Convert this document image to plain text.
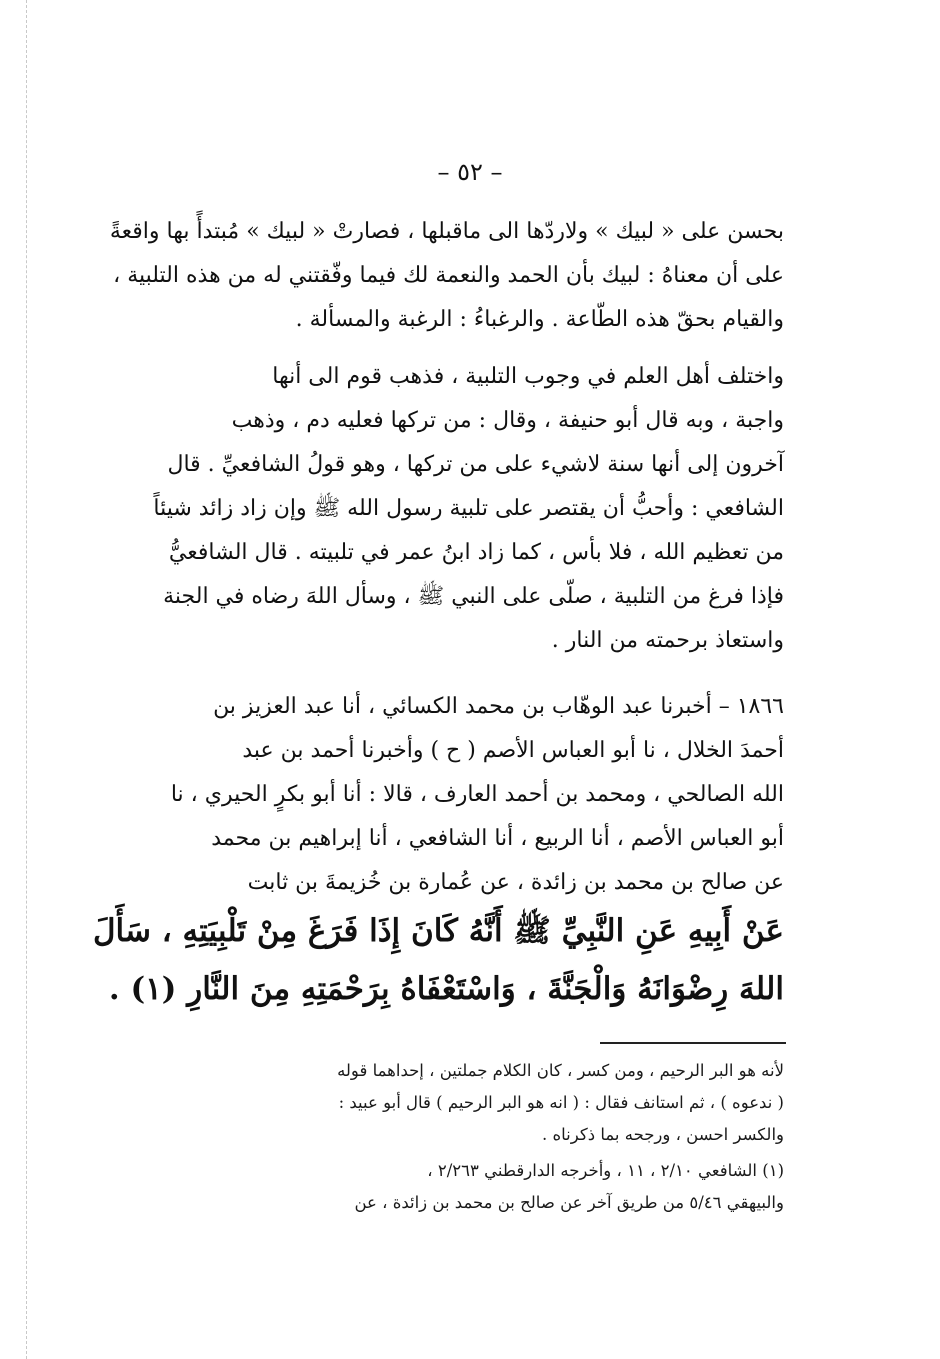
– ٥٢ –
بحسن على « لبيك » ولاردّها الى ماقبلها ، فصارتْ « لبيك » مُبتدأً بها واقعةً
على أن معناهُ : لبيك بأن الحمد والنعمة لك فيما وفّقتني له من هذه التلبية ،
والقيام بحقّ هذه الطّاعة . والرغباءُ : الرغبة والمسألة .
واختلف أهل العلم في وجوب التلبية ، فذهب قوم الى أنها
واجبة ، وبه قال أبو حنيفة ، وقال : من تركها فعليه دم ، وذهب
آخرون إلى أنها سنة لاشيء على من تركها ، وهو قولُ الشافعيِّ . قال
الشافعي : وأحبُّ أن يقتصر على تلبية رسول الله ﷺ وإن زاد زائد شيئاً
من تعظيم الله ، فلا بأس ، كما زاد ابنُ عمر في تلبيته . قال الشافعيُّ
فإذا فرغ من التلبية ، صلّى على النبي ﷺ ، وسأل اللهَ رضاه في الجنة
واستعاذ برحمته من النار .
١٨٦٦ – أخبرنا عبد الوهّاب بن محمد الكسائي ، أنا عبد العزيز بن
أحمدَ الخلال ، نا أبو العباس الأصم ( ح ) وأخبرنا أحمد بن عبد
الله الصالحي ، ومحمد بن أحمد العارف ، قالا : أنا أبو بكرٍ الحيري ، نا
أبو العباس الأصم ، أنا الربيع ، أنا الشافعي ، أنا إبراهيم بن محمد
عن صالح بن محمد بن زائدة ، عن عُمارة بن خُزيمةَ بن ثابت
عَنْ أَبِيهِ عَنِ النَّبِيِّ ﷺ أَنَّهُ كَانَ إِذَا فَرَغَ مِنْ تَلْبِيَتِهِ ، سَأَلَ
اللهَ رِضْوَانَهُ وَالْجَنَّةَ ، وَاسْتَعْفَاهُ بِرَحْمَتِهِ مِنَ النَّارِ (١) .
لأنه هو البر الرحيم ، ومن كسر ، كان الكلام جملتين ، إحداهما قوله
( ندعوه ) ، ثم استانف فقال : ( انه هو البر الرحيم ) قال أبو عبيد :
والكسر احسن ، ورجحه بما ذكرناه .
(١) الشافعي ٢/١٠ ، ١١ ، وأخرجه الدارقطني ٢/٢٦٣ ،
والبيهقي ٥/٤٦ من طريق آخر عن صالح بن محمد بن زائدة ، عن
